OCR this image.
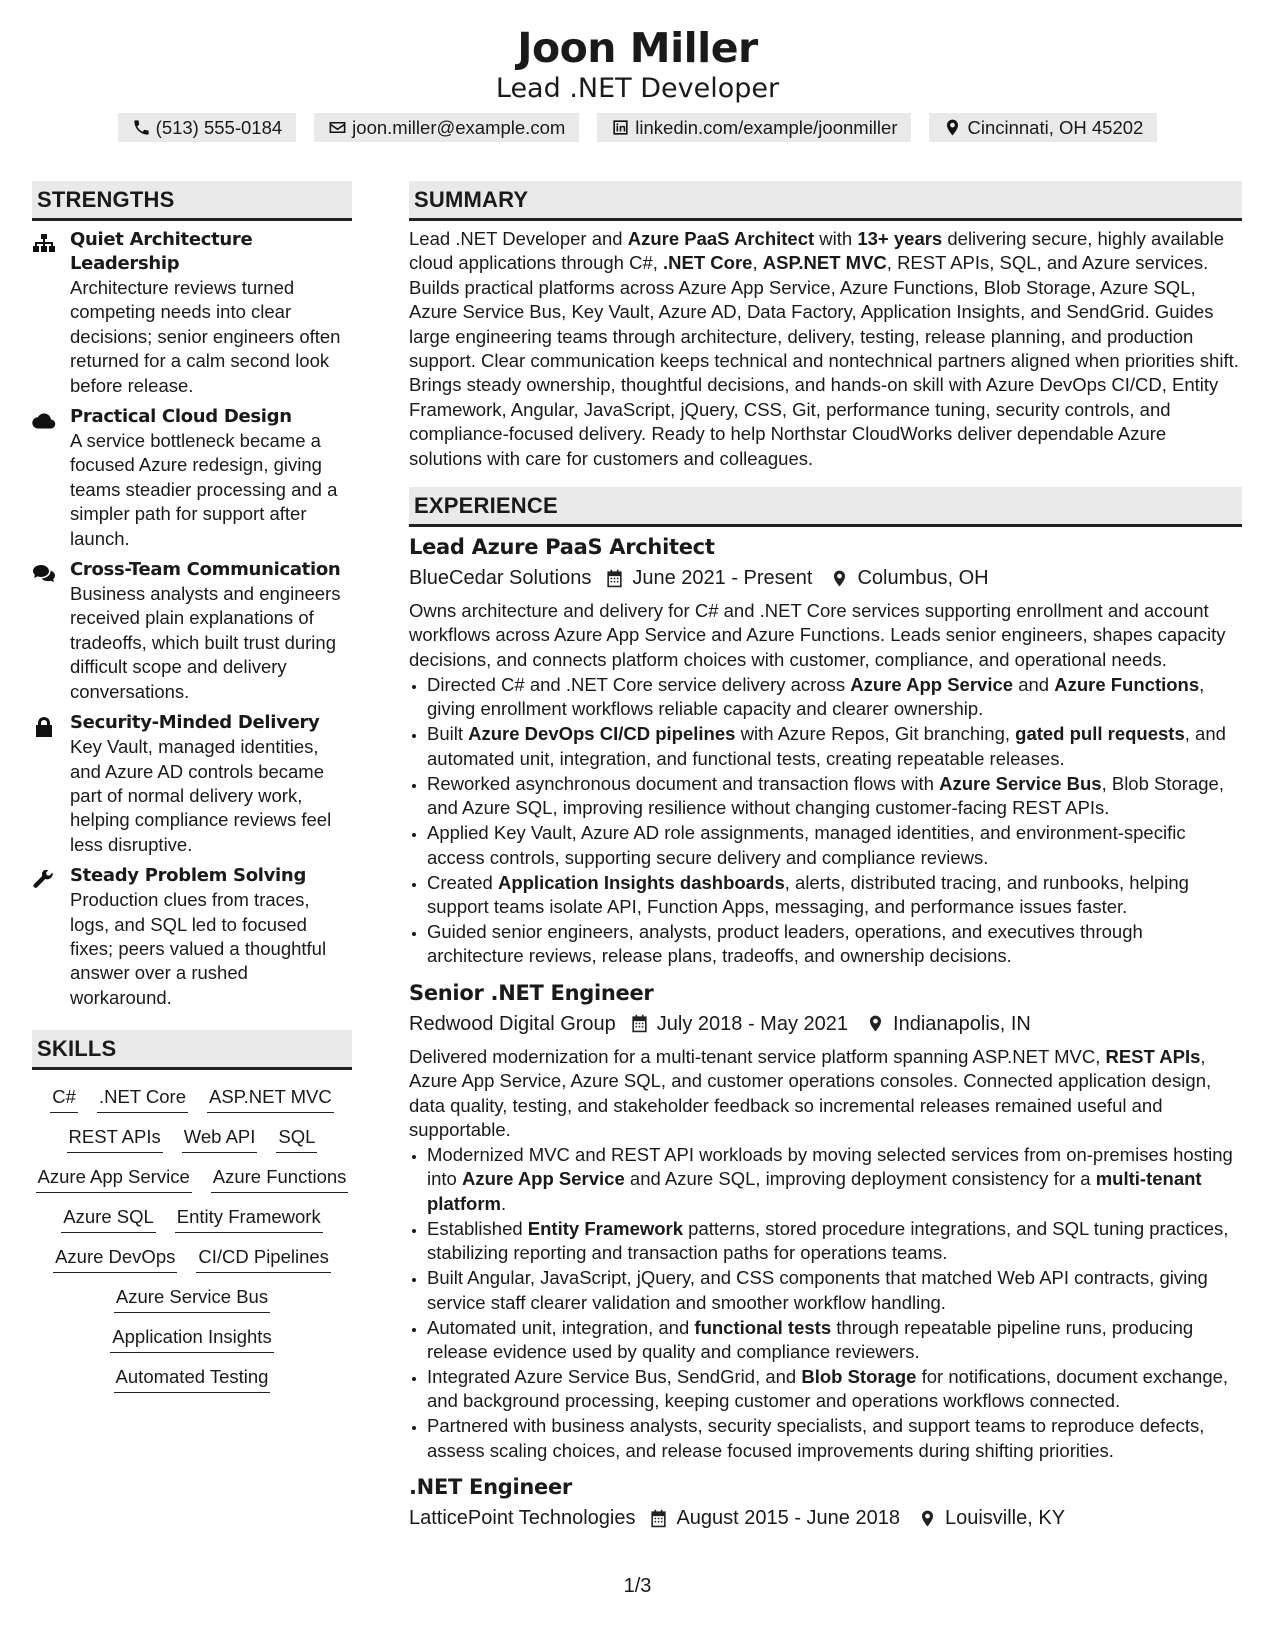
Joon Miller
Lead .NET Developer
(513) 555-0184	joon.miller@example.com	linkedin.com/example/joonmiller	Cincinnati, OH 45202
STRENGTHS
Quiet Architecture Leadership
Architecture reviews turned competing needs into clear decisions; senior engineers often returned for a calm second look before release.
Practical Cloud Design
A service bottleneck became a focused Azure redesign, giving teams steadier processing and a simpler path for support after launch.
Cross-Team Communication
Business analysts and engineers received plain explanations of tradeoffs, which built trust during difficult scope and delivery conversations.
Security-Minded Delivery
Key Vault, managed identities, and Azure AD controls became part of normal delivery work, helping compliance reviews feel less disruptive.
Steady Problem Solving
Production clues from traces, logs, and SQL led to focused fixes; peers valued a thoughtful answer over a rushed workaround.
SKILLS
C# .NET Core ASP.NET MVC
REST APIs Web API SQL
Azure App Service Azure Functions
Azure SQL Entity Framework
Azure DevOps CI/CD Pipelines
Azure Service Bus
Application Insights
Automated Testing
SUMMARY
Lead .NET Developer and Azure PaaS Architect with 13+ years delivering secure, highly available cloud applications through C#, .NET Core, ASP.NET MVC, REST APIs, SQL, and Azure services. Builds practical platforms across Azure App Service, Azure Functions, Blob Storage, Azure SQL, Azure Service Bus, Key Vault, Azure AD, Data Factory, Application Insights, and SendGrid. Guides large engineering teams through architecture, delivery, testing, release planning, and production support. Clear communication keeps technical and nontechnical partners aligned when priorities shift. Brings steady ownership, thoughtful decisions, and hands-on skill with Azure DevOps CI/CD, Entity Framework, Angular, JavaScript, jQuery, CSS, Git, performance tuning, security controls, and compliance-focused delivery. Ready to help Northstar CloudWorks deliver dependable Azure solutions with care for customers and colleagues.
EXPERIENCE
Lead Azure PaaS Architect
BlueCedar Solutions June 2021 - Present Columbus, OH
Owns architecture and delivery for C# and .NET Core services supporting enrollment and account workflows across Azure App Service and Azure Functions. Leads senior engineers, shapes capacity decisions, and connects platform choices with customer, compliance, and operational needs.
• Directed C# and .NET Core service delivery across Azure App Service and Azure Functions, giving enrollment workflows reliable capacity and clearer ownership.
• Built Azure DevOps CI/CD pipelines with Azure Repos, Git branching, gated pull requests, and automated unit, integration, and functional tests, creating repeatable releases.
• Reworked asynchronous document and transaction flows with Azure Service Bus, Blob Storage, and Azure SQL, improving resilience without changing customer-facing REST APIs.
• Applied Key Vault, Azure AD role assignments, managed identities, and environment-specific access controls, supporting secure delivery and compliance reviews.
• Created Application Insights dashboards, alerts, distributed tracing, and runbooks, helping support teams isolate API, Function Apps, messaging, and performance issues faster.
• Guided senior engineers, analysts, product leaders, operations, and executives through architecture reviews, release plans, tradeoffs, and ownership decisions.
Senior .NET Engineer
Redwood Digital Group July 2018 - May 2021 Indianapolis, IN
Delivered modernization for a multi-tenant service platform spanning ASP.NET MVC, REST APIs, Azure App Service, Azure SQL, and customer operations consoles. Connected application design, data quality, testing, and stakeholder feedback so incremental releases remained useful and supportable.
• Modernized MVC and REST API workloads by moving selected services from on-premises hosting into Azure App Service and Azure SQL, improving deployment consistency for a multi-tenant platform.
• Established Entity Framework patterns, stored procedure integrations, and SQL tuning practices, stabilizing reporting and transaction paths for operations teams.
• Built Angular, JavaScript, jQuery, and CSS components that matched Web API contracts, giving service staff clearer validation and smoother workflow handling.
• Automated unit, integration, and functional tests through repeatable pipeline runs, producing release evidence used by quality and compliance reviewers.
• Integrated Azure Service Bus, SendGrid, and Blob Storage for notifications, document exchange, and background processing, keeping customer and operations workflows connected.
• Partnered with business analysts, security specialists, and support teams to reproduce defects, assess scaling choices, and release focused improvements during shifting priorities.
.NET Engineer
LatticePoint Technologies August 2015 - June 2018 Louisville, KY
1/3
